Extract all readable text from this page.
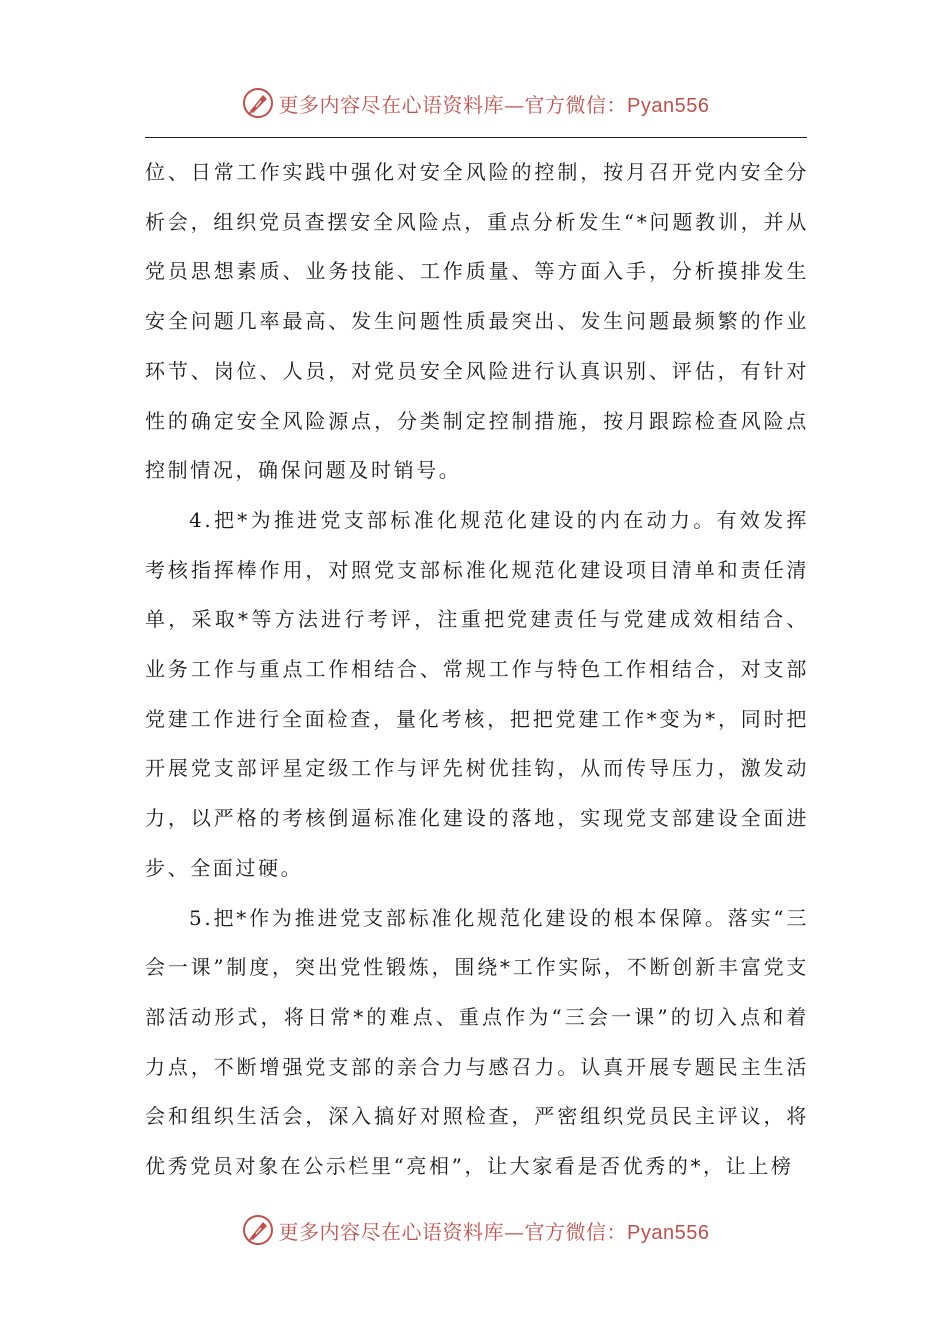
更多内容尽在心语资料库—官方微信：Pyan556

位、日常工作实践中强化对安全风险的控制，按月召开党内安全分析会，组织党员查摆安全风险点，重点分析发生“*问题教训，并从党员思想素质、业务技能、工作质量、等方面入手，分析摸排发生安全问题几率最高、发生问题性质最突出、发生问题最频繁的作业环节、岗位、人员，对党员安全风险进行认真识别、评估，有针对性的确定安全风险源点，分类制定控制措施，按月跟踪检查风险点控制情况，确保问题及时销号。

4.把*为推进党支部标准化规范化建设的内在动力。有效发挥考核指挥棒作用，对照党支部标准化规范化建设项目清单和责任清单，采取*等方法进行考评，注重把党建责任与党建成效相结合、业务工作与重点工作相结合、常规工作与特色工作相结合，对支部党建工作进行全面检查，量化考核，把把党建工作*变为*，同时把开展党支部评星定级工作与评先树优挂钩，从而传导压力，激发动力，以严格的考核倒逼标准化建设的落地，实现党支部建设全面进步、全面过硬。

5.把*作为推进党支部标准化规范化建设的根本保障。落实“三会一课”制度，突出党性锻炼，围绕*工作实际，不断创新丰富党支部活动形式，将日常*的难点、重点作为“三会一课”的切入点和着力点，不断增强党支部的亲合力与感召力。认真开展专题民主生活会和组织生活会，深入搞好对照检查，严密组织党员民主评议，将优秀党员对象在公示栏里“亮相”，让大家看是否优秀的*，让上榜

更多内容尽在心语资料库—官方微信：Pyan556
